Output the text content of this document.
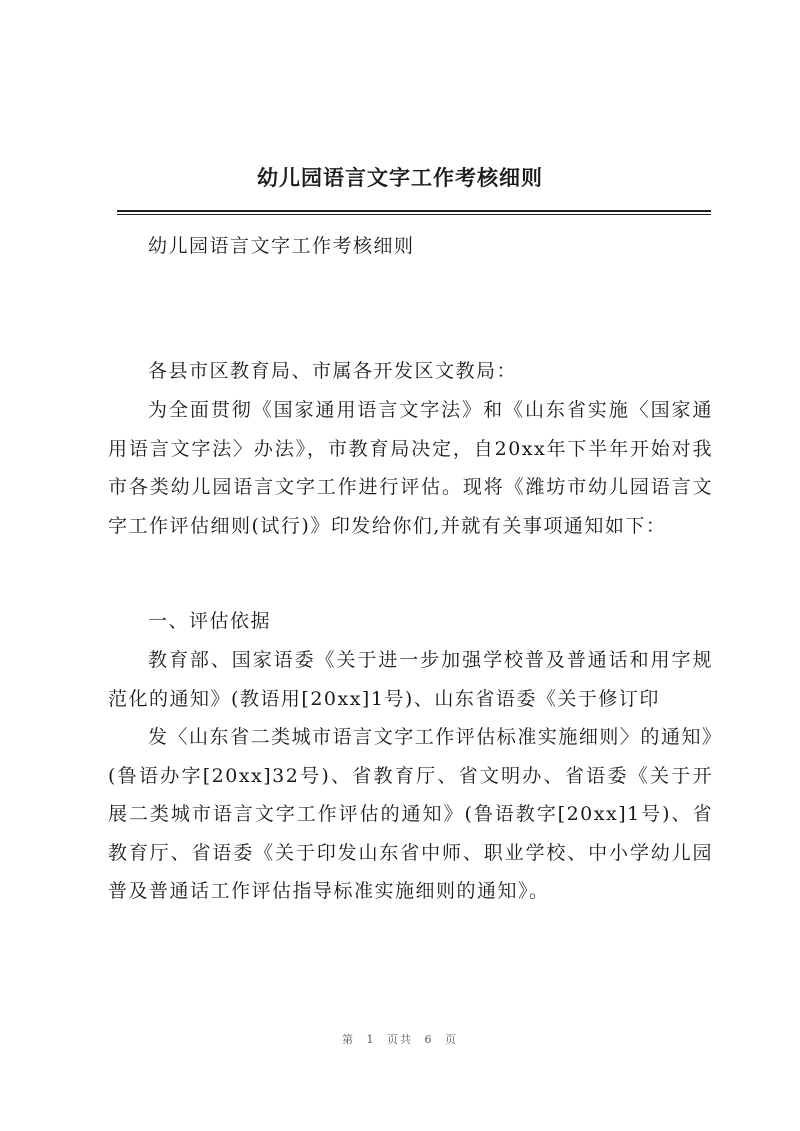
幼儿园语言文字工作考核细则

幼儿园语言文字工作考核细则

各县市区教育局、市属各开发区文教局：

为全面贯彻《国家通用语言文字法》和《山东省实施〈国家通用语言文字法〉办法》，市教育局决定，自20xx年下半年开始对我市各类幼儿园语言文字工作进行评估。现将《潍坊市幼儿园语言文字工作评估细则(试行)》印发给你们,并就有关事项通知如下：

一、评估依据

教育部、国家语委《关于进一步加强学校普及普通话和用字规范化的通知》(教语用[20xx]1号)、山东省语委《关于修订印

发〈山东省二类城市语言文字工作评估标准实施细则〉的通知》(鲁语办字[20xx]32号)、省教育厅、省文明办、省语委《关于开展二类城市语言文字工作评估的通知》(鲁语教字[20xx]1号)、省教育厅、省语委《关于印发山东省中师、职业学校、中小学幼儿园普及普通话工作评估指导标准实施细则的通知》。

第 1 页共 6 页
